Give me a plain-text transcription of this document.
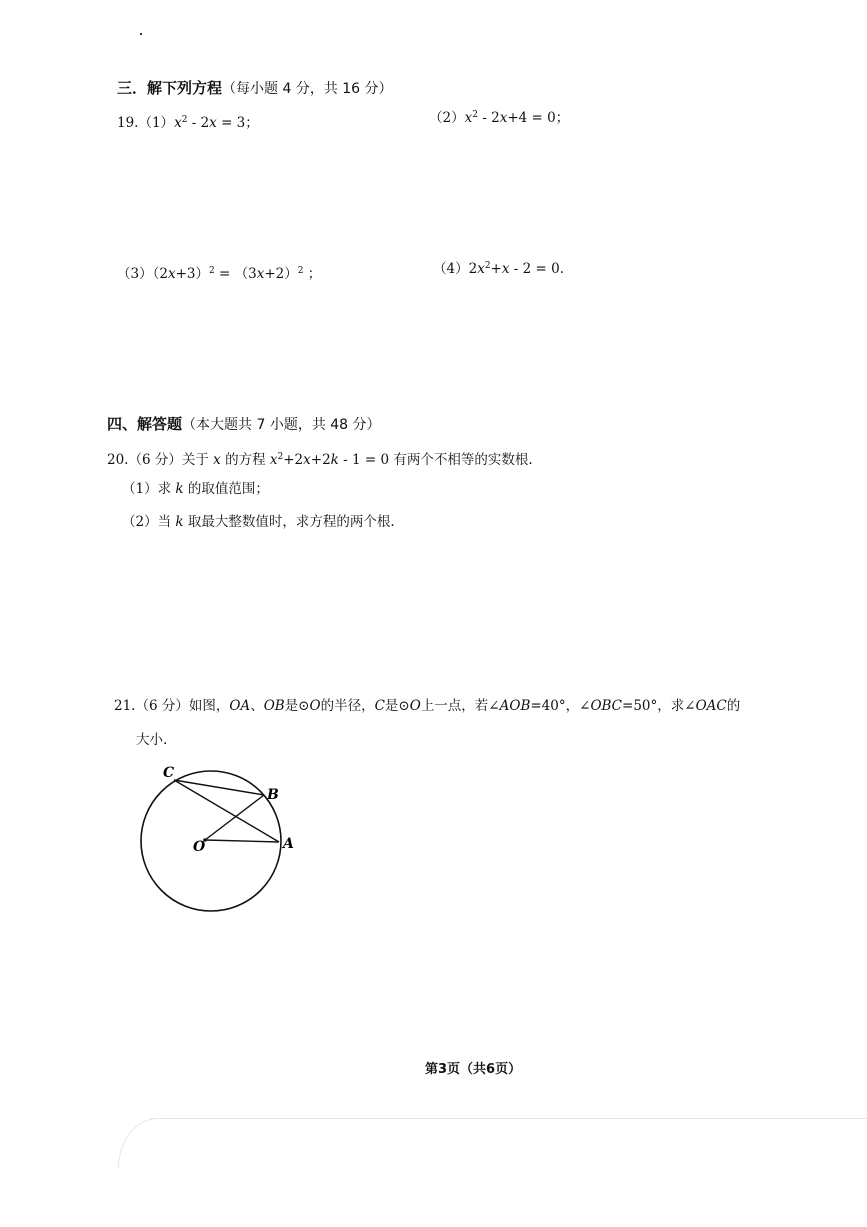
三．解下列方程（每小题 4 分，共 16 分）
$19.(1)x^2 - 2x = 3$；	$(2)x^2 - 2x+4 = 0$；
$(3)(2x+3)^2 = (3x+2)^2$ ；	$(4)2x^2+x - 2 = 0$.
四、解答题（本大题共 7 小题，共 48 分）
20.（6 分）关于 x 的方程 $x^2+2x+2k - 1 = 0$ 有两个不相等的实数根.
（1）求 k 的取值范围；
（2）当 k 取最大整数值时，求方程的两个根.
21.（6 分）如图，OA、OB是⊙O的半径，C是⊙O上一点，若∠AOB=40°，∠OBC=50°，求∠OAC的
大小.
C
B
O	A
第3页（共6页）
